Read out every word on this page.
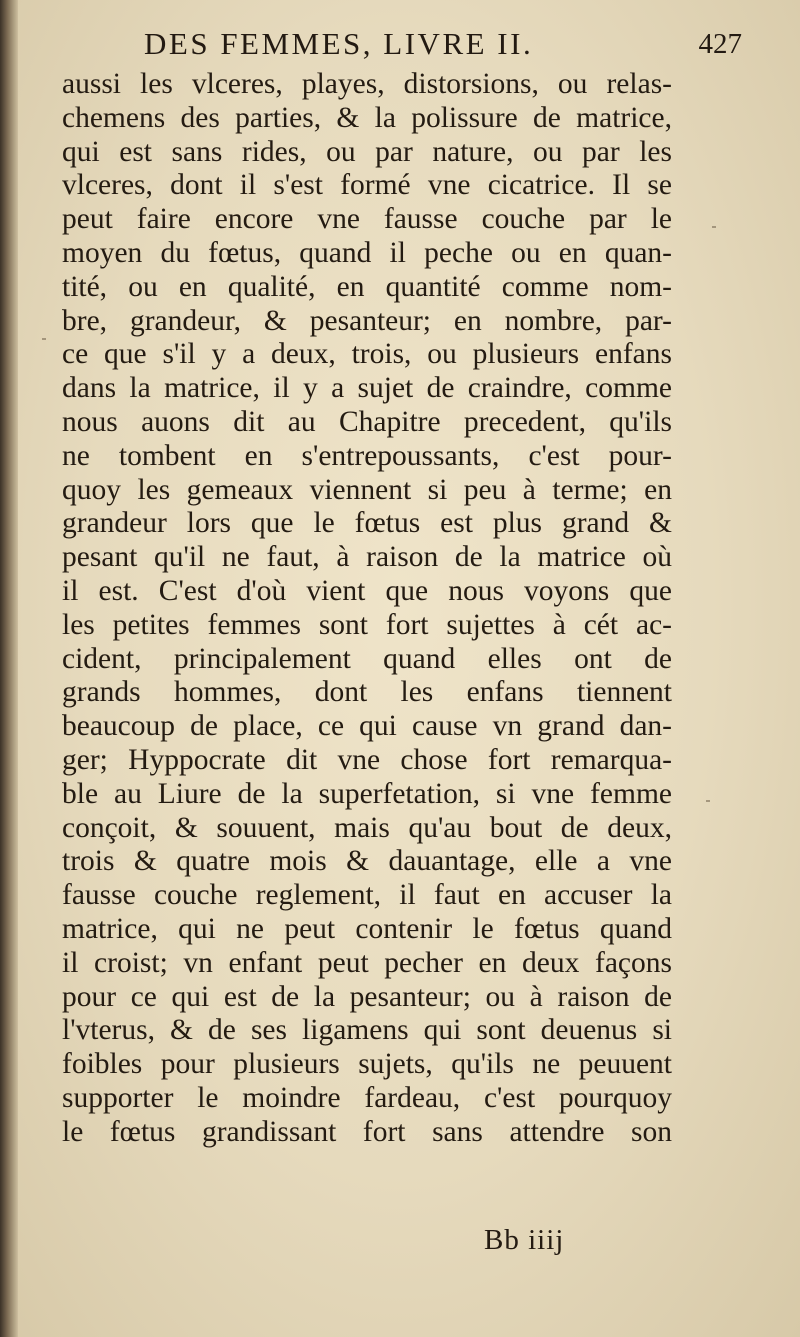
DES FEMMES, LIVRE II.	427
aussi les vlceres, playes, distorsions, ou relas-
chemens des parties, & la polissure de matrice,
qui est sans rides, ou par nature, ou par les
vlceres, dont il s'est formé vne cicatrice. Il se
peut faire encore vne fausse couche par le
moyen du fœtus, quand il peche ou en quan-
tité, ou en qualité, en quantité comme nom-
bre, grandeur, & pesanteur; en nombre, par-
ce que s'il y a deux, trois, ou plusieurs enfans
dans la matrice, il y a sujet de craindre, comme
nous auons dit au Chapitre precedent, qu'ils
ne tombent en s'entrepoussants, c'est pour-
quoy les gemeaux viennent si peu à terme; en
grandeur lors que le fœtus est plus grand &
pesant qu'il ne faut, à raison de la matrice où
il est. C'est d'où vient que nous voyons que
les petites femmes sont fort sujettes à cét ac-
cident, principalement quand elles ont de
grands hommes, dont les enfans tiennent
beaucoup de place, ce qui cause vn grand dan-
ger; Hyppocrate dit vne chose fort remarqua-
ble au Liure de la superfetation, si vne femme
conçoit, & souuent, mais qu'au bout de deux,
trois & quatre mois & dauantage, elle a vne
fausse couche reglement, il faut en accuser la
matrice, qui ne peut contenir le fœtus quand
il croist; vn enfant peut pecher en deux façons
pour ce qui est de la pesanteur; ou à raison de
l'vterus, & de ses ligamens qui sont deuenus si
foibles pour plusieurs sujets, qu'ils ne peuuent
supporter le moindre fardeau, c'est pourquoy
le fœtus grandissant fort sans attendre son
Bb iiij
